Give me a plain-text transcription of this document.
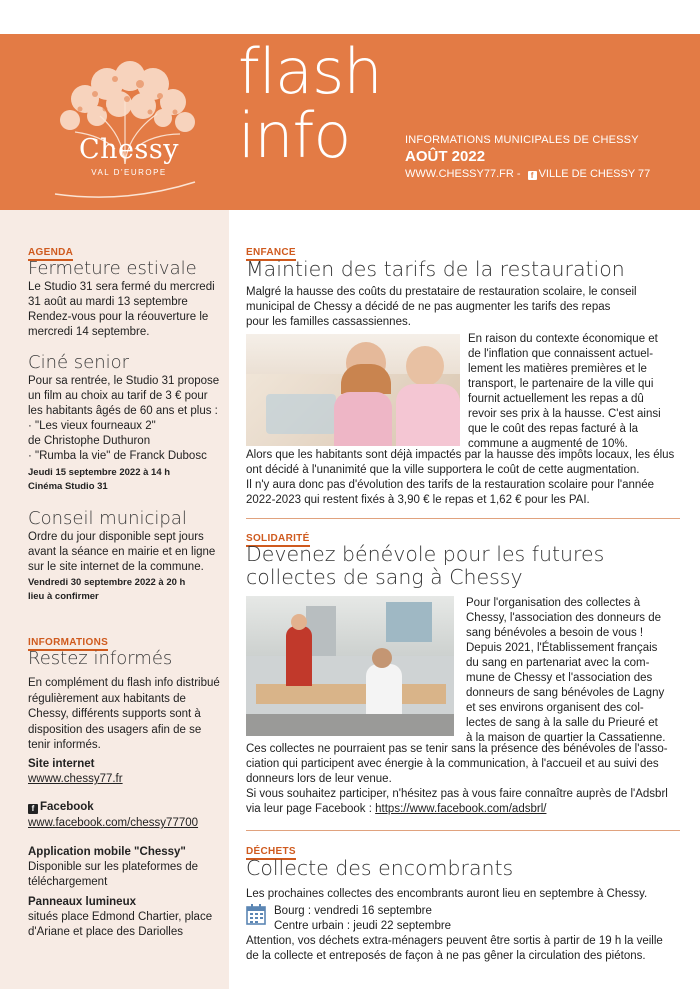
Chessy
VAL D'EUROPE
flash
info	INFORMATIONS MUNICIPALES DE CHESSY
AOÛT 2022
WWW.CHESSY77.FR - f VILLE DE CHESSY 77
AGENDA
Fermeture estivale
Le Studio 31 sera fermé du mercredi
31 août au mardi 13 septembre
Rendez-vous pour la réouverture le
mercredi 14 septembre.
Ciné senior
Pour sa rentrée, le Studio 31 propose
un film au choix au tarif de 3 € pour
les habitants âgés de 60 ans et plus :
· "Les vieux fourneaux 2"
de Christophe Duthuron
· "Rumba la vie" de Franck Dubosc
Jeudi 15 septembre 2022 à 14 h
Cinéma Studio 31
Conseil municipal
Ordre du jour disponible sept jours
avant la séance en mairie et en ligne
sur le site internet de la commune.
Vendredi 30 septembre 2022 à 20 h
lieu à confirmer
INFORMATIONS
Restez informés
En complément du flash info distribué
régulièrement aux habitants de
Chessy, différents supports sont à
disposition des usagers afin de se
tenir informés.
Site internet
wwww.chessy77.fr
f Facebook
www.facebook.com/chessy77700
Application mobile "Chessy"
Disponible sur les plateformes de
téléchargement
Panneaux lumineux
situés place Edmond Chartier, place
d'Ariane et place des Dariolles
ENFANCE
Maintien des tarifs de la restauration
Malgré la hausse des coûts du prestataire de restauration scolaire, le conseil
municipal de Chessy a décidé de ne pas augmenter les tarifs des repas
pour les familles cassassiennes.
En raison du contexte économique et
de l'inflation que connaissent actuel-
lement les matières premières et le
transport, le partenaire de la ville qui
fournit actuellement les repas a dû
revoir ses prix à la hausse. C'est ainsi
que le coût des repas facturé à la
commune a augmenté de 10%.
Alors que les habitants sont déjà impactés par la hausse des impôts locaux, les élus
ont décidé à l'unanimité que la ville supportera le coût de cette augmentation.
Il n'y aura donc pas d'évolution des tarifs de la restauration scolaire pour l'année
2022-2023 qui restent fixés à 3,90 € le repas et 1,62 € pour les PAI.
SOLIDARITÉ
Devenez bénévole pour les futures
collectes de sang à Chessy
Pour l'organisation des collectes à
Chessy, l'association des donneurs de
sang bénévoles a besoin de vous !
Depuis 2021, l'Établissement français
du sang en partenariat avec la com-
mune de Chessy et l'association des
donneurs de sang bénévoles de Lagny
et ses environs organisent des col-
lectes de sang à la salle du Prieuré et
à la maison de quartier la Cassatienne.
Ces collectes ne pourraient pas se tenir sans la présence des bénévoles de l'asso-
ciation qui participent avec énergie à la communication, à l'accueil et au suivi des
donneurs lors de leur venue.
Si vous souhaitez participer, n'hésitez pas à vous faire connaître auprès de l'Adsbrl
via leur page Facebook : https://www.facebook.com/adsbrl/
DÉCHETS
Collecte des encombrants
Les prochaines collectes des encombrants auront lieu en septembre à Chessy.
Bourg : vendredi 16 septembre
Centre urbain : jeudi 22 septembre
Attention, vos déchets extra-ménagers peuvent être sortis à partir de 19 h la veille
de la collecte et entreposés de façon à ne pas gêner la circulation des piétons.
